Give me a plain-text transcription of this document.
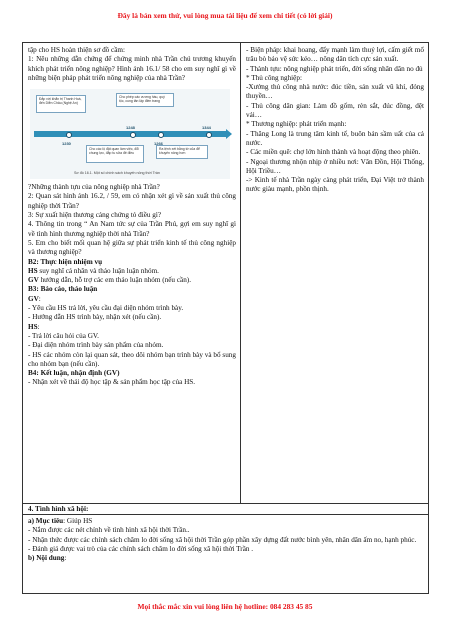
Đây là bản xem thử, vui lòng mua tài liệu để xem chi tiết (có lời giải)

tập cho HS hoàn thiện sơ đồ cầm:

1: Nêu những dẫn chứng để chứng minh nhà Trần chú trương khuyến khích phát triển nông nghiệp? Hình ảnh 16.1/ 58 cho em suy nghĩ gì về những biện pháp phát triển nông nghiệp của nhà Trần?

Đắp với khẩn trị Thanh Hoá, đến Diễn Châu (Nghệ An)
Cho phép các vương hầu, quý tộc, cung tân lập điền trang
Cho các lộ đặt quan làm việc, đổi chung lực, đắp tu sửa đê điều
Ra lệnh xét bằng tờ của để khuyến nông hơn
1230
1248
1266
1344
Sơ đồ 16.1. Một số chính sách khuyến nông thời Trần

?Những thành tựu của nông nghiệp nhà Trần?

2: Quan sát hình ảnh 16.2, / 59, em có nhận xét gì về sản xuất thủ công nghiệp thời Trần?

3: Sự xuất hiện thương cảng chứng tỏ điều gì?

4. Thông tin trong “ An Nam tức sự của Trần Phú, gợi em suy nghĩ gì về tình hình thương nghiệp thời nhà Trần?

5. Em cho biết mối quan hệ giữa sự phát triển kinh tế thủ công nghiệp và thương nghiệp?

B2: Thực hiện nhiệm vụ

HS suy nghĩ cá nhân và thảo luận luận nhóm.

GV hướng dẫn, hỗ trợ các em thảo luận nhóm (nếu cần).

B3: Báo cáo, thảo luận

GV:

- Yêu cầu HS trả lời, yêu cầu đại diện nhóm trình bày.

- Hướng dẫn HS trình bày, nhận xét (nếu cần).

HS:

- Trả lời câu hỏi của GV.

- Đại diện nhóm trình bày sản phẩm của nhóm.

- HS các nhóm còn lại quan sát, theo dõi nhóm bạn trình bày và bổ sung cho nhóm bạn (nếu cần).

B4: Kết luận, nhận định (GV)

- Nhận xét về thái độ học tập & sản phẩm học tập của HS.

- Biện pháp: khai hoang, đẩy mạnh làm thuỷ lợi, cấm giết mổ trâu bò bảo vệ sức kéo… nông dân tích cực sản xuất.

- Thành tựu: nông nghiệp phát triển, đời sống nhân dân no đủ

* Thủ công nghiệp:

-Xưởng thủ công nhà nước: đúc tiền, sản xuất vũ khí, đóng thuyền…

- Thủ công dân gian: Làm đồ gốm, rèn sắt, đúc đồng, dệt vải…

* Thương nghiệp: phát triển mạnh:

- Thăng Long là trung tâm kinh tế, buôn bán sầm uất của cả nước.

- Các miền quê: chợ lớn hình thành và hoạt động theo phiên.

- Ngoại thương nhộn nhịp ở nhiều nơi: Vân Đồn, Hội Thống, Hội Triều…

-> Kinh tế nhà Trần ngày càng phát triển, Đại Việt trở thành nước giàu mạnh, phồn thịnh.

4. Tình hình xã hội:

a) Mục tiêu: Giúp HS

- Nắm được các nét chính về tình hình xã hội thời Trần..

- Nhận thức được các chính sách chăm lo đời sống xã hội thời Trần góp phần xây dựng đất nước bình yên, nhân dân ấm no, hạnh phúc.

- Đánh giá được vai trò của các chính sách chăm lo đời sống xã hội thời Trần .

b) Nội dung:

Mọi thắc mắc xin vui lòng liên hệ hotline: 084 283 45 85
